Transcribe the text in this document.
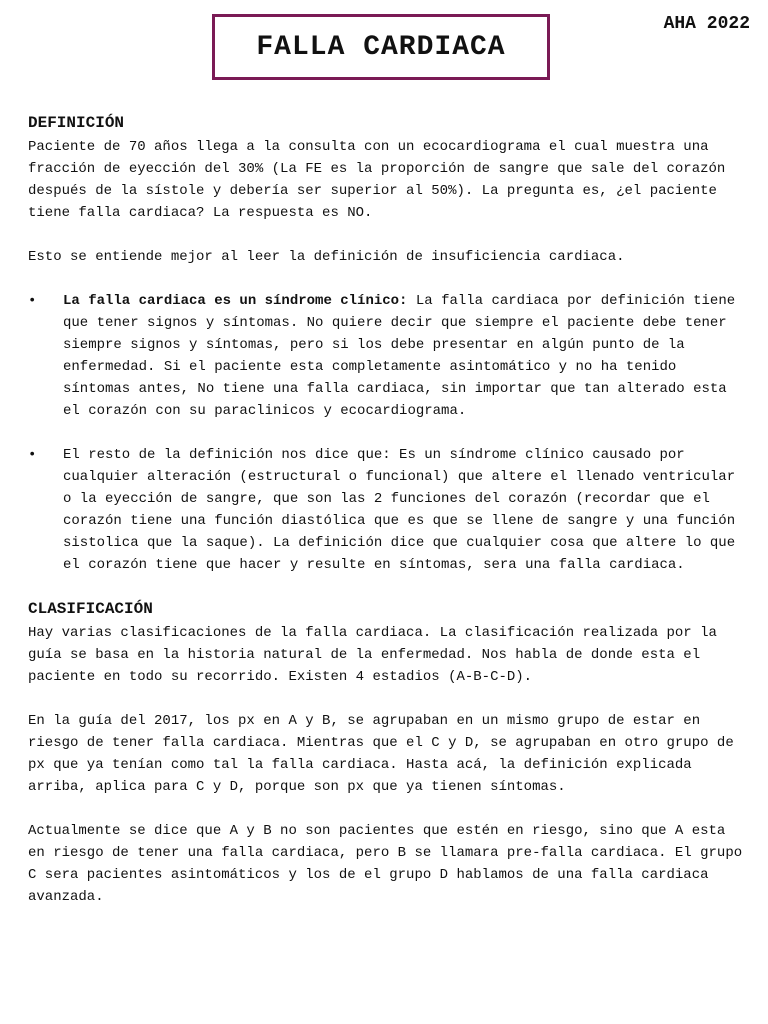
FALLA CARDIACA
AHA 2022
DEFINICIÓN

Paciente de 70 años llega a la consulta con un ecocardiograma el cual muestra una fracción de eyección del 30% (La FE es la proporción de sangre que sale del corazón después de la sístole y debería ser superior al 50%). La pregunta es, ¿el paciente tiene falla cardiaca? La respuesta es NO.

Esto se entiende mejor al leer la definición de insuficiencia cardiaca.

• La falla cardiaca es un síndrome clínico: La falla cardiaca por definición tiene que tener signos y síntomas. No quiere decir que siempre el paciente debe tener siempre signos y síntomas, pero si los debe presentar en algún punto de la enfermedad. Si el paciente esta completamente asintomático y no ha tenido síntomas antes, No tiene una falla cardiaca, sin importar que tan alterado esta el corazón con su paraclinicos y ecocardiograma.
• El resto de la definición nos dice que: Es un síndrome clínico causado por cualquier alteración (estructural o funcional) que altere el llenado ventricular o la eyección de sangre, que son las 2 funciones del corazón (recordar que el corazón tiene una función diastólica que es que se llene de sangre y una función sistolica que la saque). La definición dice que cualquier cosa que altere lo que el corazón tiene que hacer y resulte en síntomas, sera una falla cardiaca.
CLASIFICACIÓN

Hay varias clasificaciones de la falla cardiaca. La clasificación realizada por la guía se basa en la historia natural de la enfermedad. Nos habla de donde esta el paciente en todo su recorrido. Existen 4 estadios (A-B-C-D).

En la guía del 2017, los px en A y B, se agrupaban en un mismo grupo de estar en riesgo de tener falla cardiaca. Mientras que el C y D, se agrupaban en otro grupo de px que ya tenían como tal la falla cardiaca. Hasta acá, la definición explicada arriba, aplica para C y D, porque son px que ya tienen síntomas.

Actualmente se dice que A y B no son pacientes que estén en riesgo, sino que A esta en riesgo de tener una falla cardiaca, pero B se llamara pre-falla cardiaca. El grupo C sera pacientes asintomáticos y los de el grupo D hablamos de una falla cardiaca avanzada.
